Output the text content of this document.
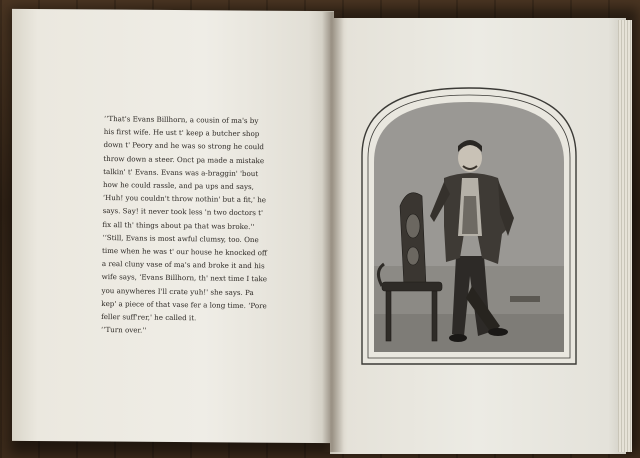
‘‘That's Evans Billhorn, a cousin of ma's by

his first wife. He ust t' keep a butcher shop

down t' Peory and he was so strong he could

throw down a steer. Onct pa made a mistake

talkin' t' Evans. Evans was a-braggin' 'bout

how he could rassle, and pa ups and says,

‘Huh! you couldn't throw nothin' but a fit,' he

says. Say! it never took less 'n two doctors t'

fix all th' things about pa that was broke.''

‘‘Still, Evans is most awful clumsy, too. One

time when he was t' our house he knocked off

a real cluny vase of ma's and broke it and his

wife says, ‘Evans Billhorn, th' next time I take

you anywheres I'll crate yuh!' she says. Pa

kep' a piece of that vase fer a long time. ‘Pore

feller suff'rer,' he called it.

‘‘Turn over.''
